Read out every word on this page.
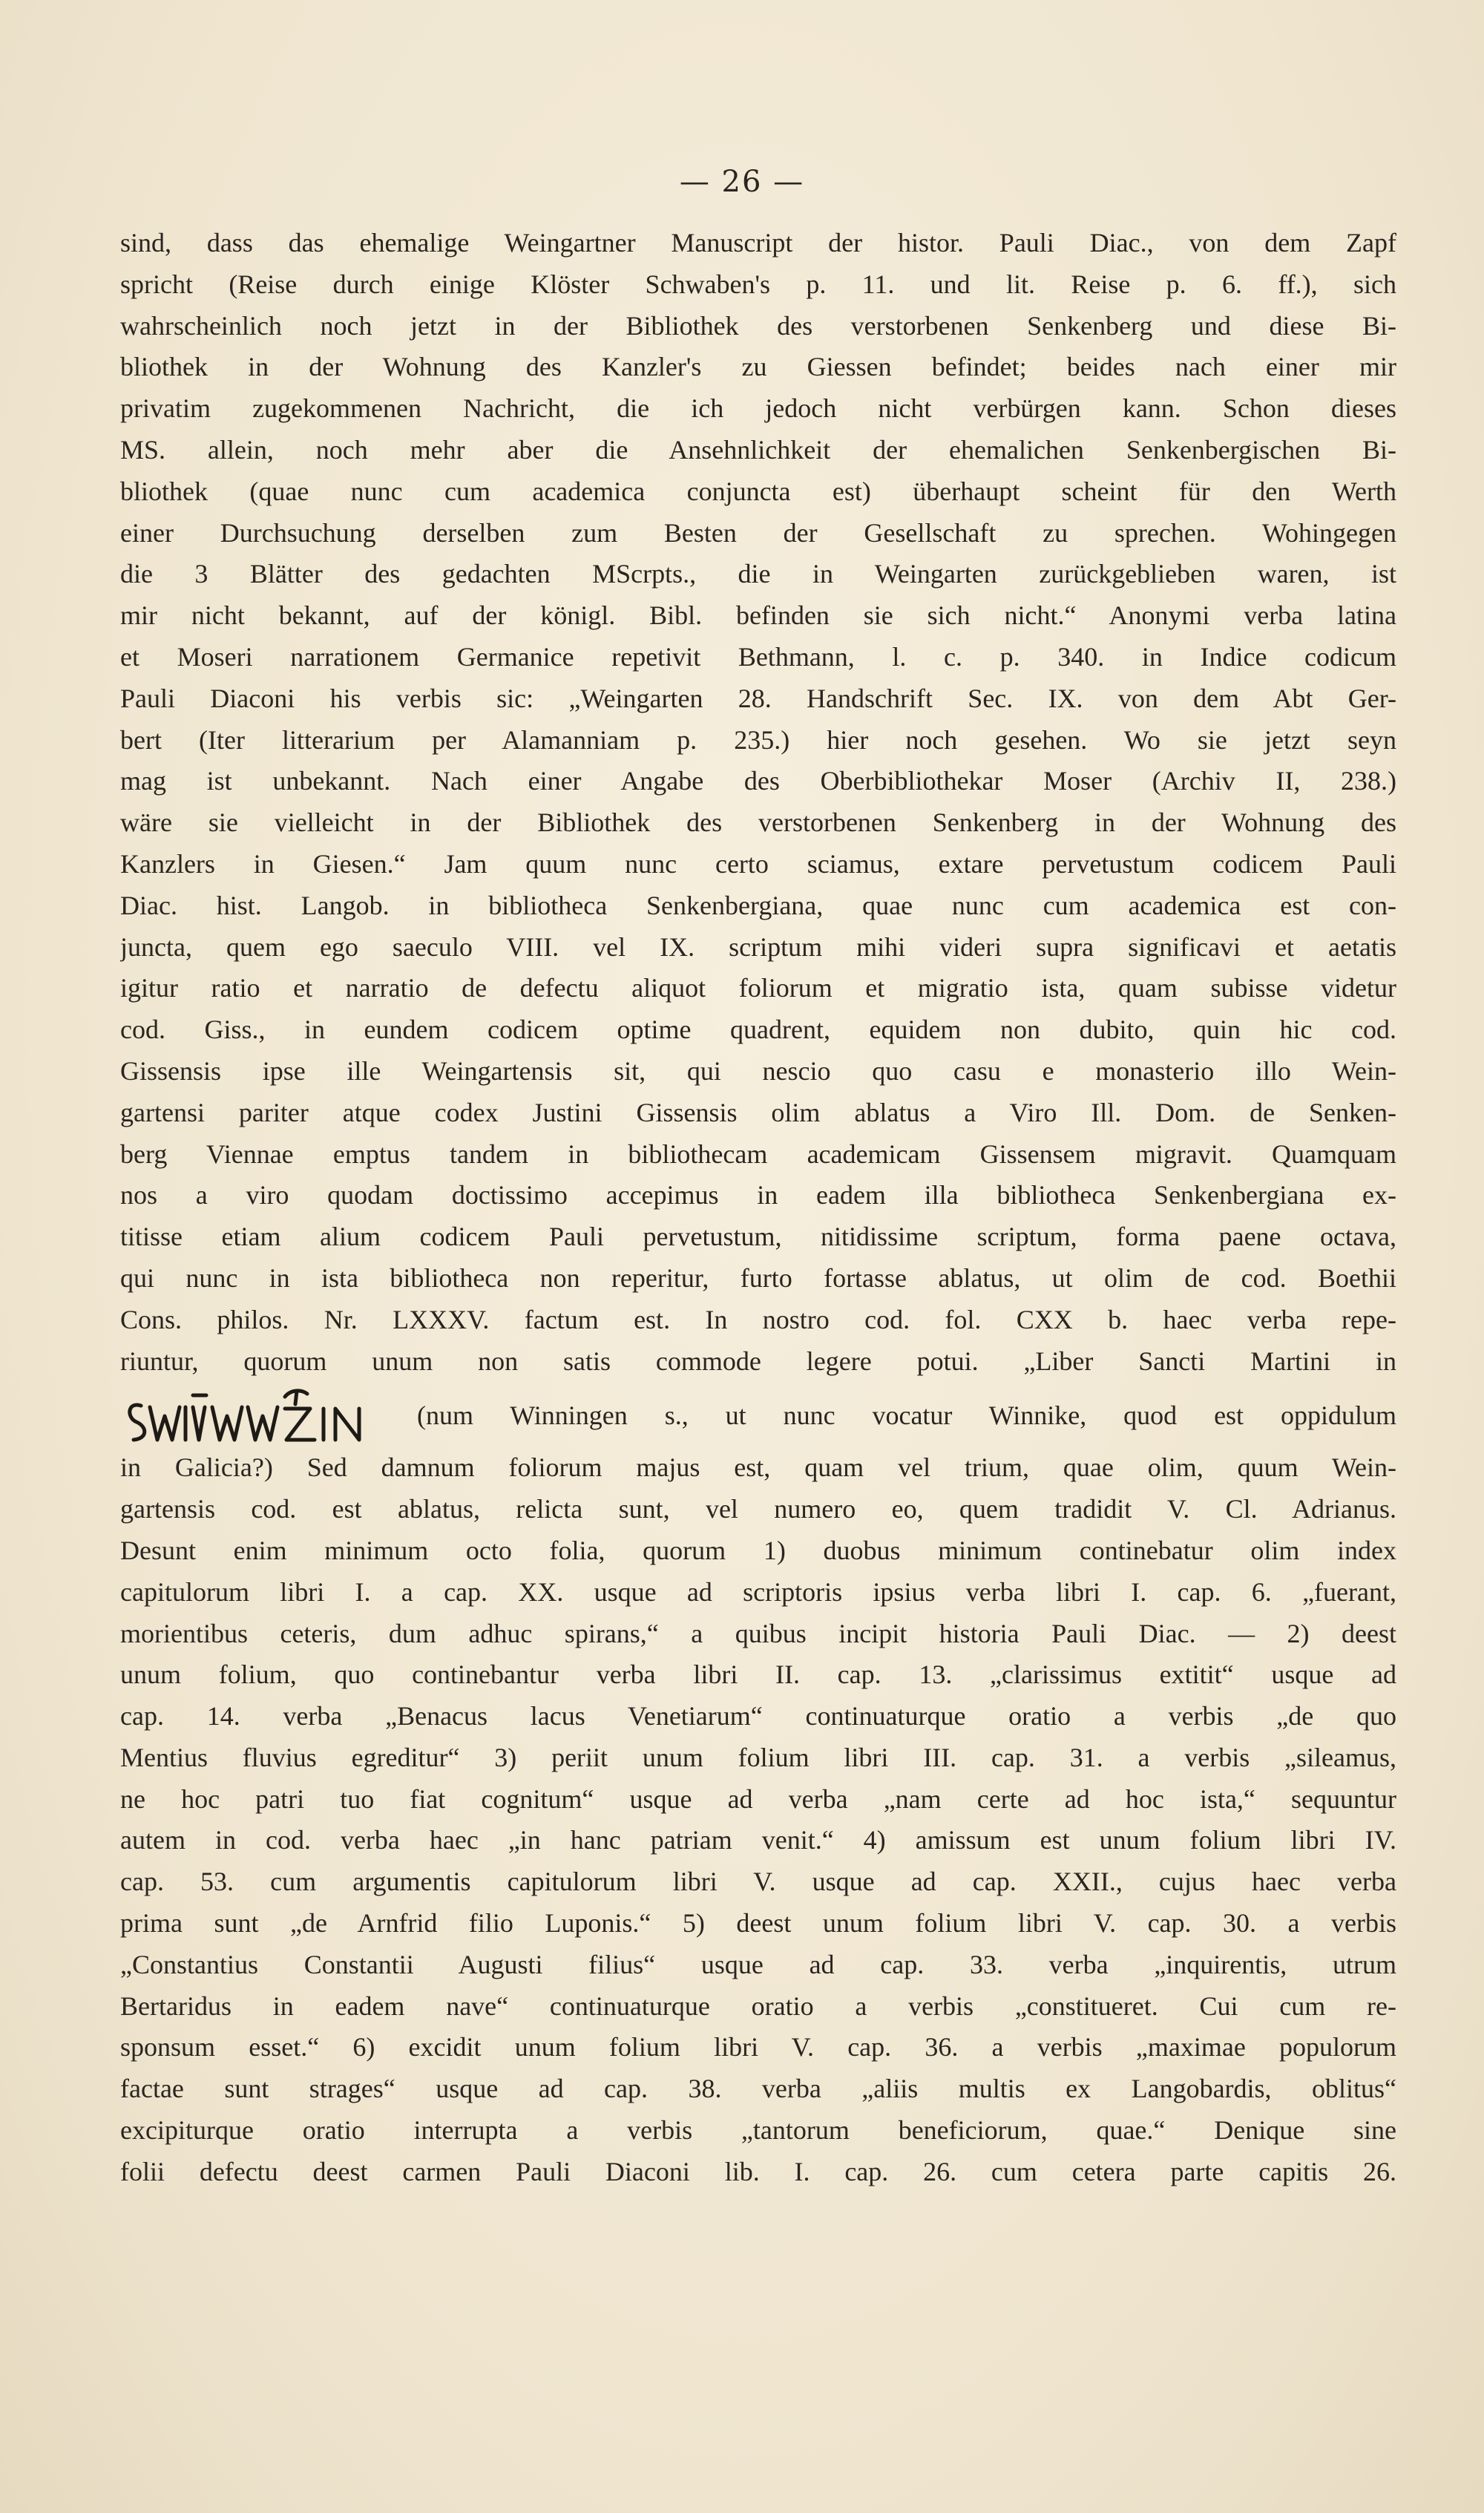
— 26 —
sind, dass das ehemalige Weingartner Manuscript der histor. Pauli Diac., von dem Zapf
spricht (Reise durch einige Klöster Schwaben's p. 11. und lit. Reise p. 6. ff.), sich
wahrscheinlich noch jetzt in der Bibliothek des verstorbenen Senkenberg und diese Bi-
bliothek in der Wohnung des Kanzler's zu Giessen befindet; beides nach einer mir
privatim zugekommenen Nachricht, die ich jedoch nicht verbürgen kann. Schon dieses
MS. allein, noch mehr aber die Ansehnlichkeit der ehemalichen Senkenbergischen Bi-
bliothek (quae nunc cum academica conjuncta est) überhaupt scheint für den Werth
einer Durchsuchung derselben zum Besten der Gesellschaft zu sprechen. Wohingegen
die 3 Blätter des gedachten MScrpts., die in Weingarten zurückgeblieben waren, ist
mir nicht bekannt, auf der königl. Bibl. befinden sie sich nicht.“ Anonymi verba latina
et Moseri narrationem Germanice repetivit Bethmann, l. c. p. 340. in Indice codicum
Pauli Diaconi his verbis sic: „Weingarten 28. Handschrift Sec. IX. von dem Abt Ger-
bert (Iter litterarium per Alamanniam p. 235.) hier noch gesehen. Wo sie jetzt seyn
mag ist unbekannt. Nach einer Angabe des Oberbibliothekar Moser (Archiv II, 238.)
wäre sie vielleicht in der Bibliothek des verstorbenen Senkenberg in der Wohnung des
Kanzlers in Giesen.“ Jam quum nunc certo sciamus, extare pervetustum codicem Pauli
Diac. hist. Langob. in bibliotheca Senkenbergiana, quae nunc cum academica est con-
juncta, quem ego saeculo VIII. vel IX. scriptum mihi videri supra significavi et aetatis
igitur ratio et narratio de defectu aliquot foliorum et migratio ista, quam subisse videtur
cod. Giss., in eundem codicem optime quadrent, equidem non dubito, quin hic cod.
Gissensis ipse ille Weingartensis sit, qui nescio quo casu e monasterio illo Wein-
gartensi pariter atque codex Justini Gissensis olim ablatus a Viro Ill. Dom. de Senken-
berg Viennae emptus tandem in bibliothecam academicam Gissensem migravit. Quamquam
nos a viro quodam doctissimo accepimus in eadem illa bibliotheca Senkenbergiana ex-
titisse etiam alium codicem Pauli pervetustum, nitidissime scriptum, forma paene octava,
qui nunc in ista bibliotheca non reperitur, furto fortasse ablatus, ut olim de cod. Boethii
Cons. philos. Nr. LXXXV. factum est. In nostro cod. fol. CXX b. haec verba repe-
riuntur, quorum unum non satis commode legere potui. „Liber Sancti Martini in
(num Winningen s., ut nunc vocatur Winnike, quod est oppidulum
in Galicia?) Sed damnum foliorum majus est, quam vel trium, quae olim, quum Wein-
gartensis cod. est ablatus, relicta sunt, vel numero eo, quem tradidit V. Cl. Adrianus.
Desunt enim minimum octo folia, quorum 1) duobus minimum continebatur olim index
capitulorum libri I. a cap. XX. usque ad scriptoris ipsius verba libri I. cap. 6. „fuerant,
morientibus ceteris, dum adhuc spirans,“ a quibus incipit historia Pauli Diac. — 2) deest
unum folium, quo continebantur verba libri II. cap. 13. „clarissimus extitit“ usque ad
cap. 14. verba „Benacus lacus Venetiarum“ continuaturque oratio a verbis „de quo
Mentius fluvius egreditur“ 3) periit unum folium libri III. cap. 31. a verbis „sileamus,
ne hoc patri tuo fiat cognitum“ usque ad verba „nam certe ad hoc ista,“ sequuntur
autem in cod. verba haec „in hanc patriam venit.“ 4) amissum est unum folium libri IV.
cap. 53. cum argumentis capitulorum libri V. usque ad cap. XXII., cujus haec verba
prima sunt „de Arnfrid filio Luponis.“ 5) deest unum folium libri V. cap. 30. a verbis
„Constantius Constantii Augusti filius“ usque ad cap. 33. verba „inquirentis, utrum
Bertaridus in eadem nave“ continuaturque oratio a verbis „constitueret. Cui cum re-
sponsum esset.“ 6) excidit unum folium libri V. cap. 36. a verbis „maximae populorum
factae sunt strages“ usque ad cap. 38. verba „aliis multis ex Langobardis, oblitus“
excipiturque oratio interrupta a verbis „tantorum beneficiorum, quae.“ Denique sine
folii defectu deest carmen Pauli Diaconi lib. I. cap. 26. cum cetera parte capitis 26.
